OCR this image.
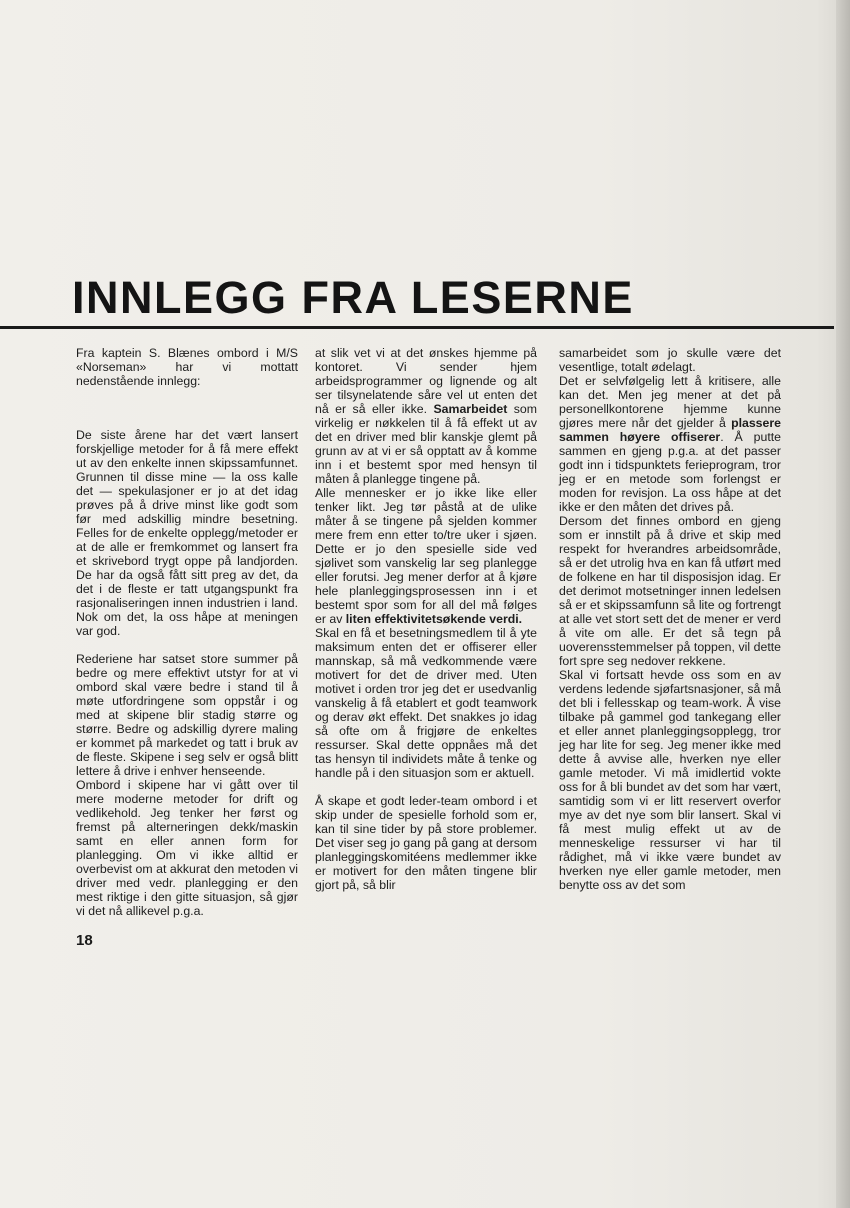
INNLEGG FRA LESERNE

Fra kaptein S. Blænes ombord i M/S «Norseman» har vi mottatt nedenstående innlegg:

De siste årene har det vært lansert forskjellige metoder for å få mere effekt ut av den enkelte innen skipssamfunnet. Grunnen til disse mine — la oss kalle det — spekulasjoner er jo at det idag prøves på å drive minst like godt som før med adskillig mindre besetning. Felles for de enkelte opplegg/metoder er at de alle er fremkommet og lansert fra et skrivebord trygt oppe på landjorden. De har da også fått sitt preg av det, da det i de fleste er tatt utgangspunkt fra rasjonaliseringen innen industrien i land. Nok om det, la oss håpe at meningen var god.

Rederiene har satset store summer på bedre og mere effektivt utstyr for at vi ombord skal være bedre i stand til å møte utfordringene som oppstår i og med at skipene blir stadig større og større. Bedre og adskillig dyrere maling er kommet på markedet og tatt i bruk av de fleste. Skipene i seg selv er også blitt lettere å drive i enhver henseende.

Ombord i skipene har vi gått over til mere moderne metoder for drift og vedlikehold. Jeg tenker her først og fremst på alterneringen dekk/maskin samt en eller annen form for planlegging. Om vi ikke alltid er overbevist om at akkurat den metoden vi driver med vedr. planlegging er den mest riktige i den gitte situasjon, så gjør vi det nå allikevel p.g.a.

at slik vet vi at det ønskes hjemme på kontoret. Vi sender hjem arbeidsprogrammer og lignende og alt ser tilsynelatende såre vel ut enten det nå er så eller ikke. Samarbeidet som virkelig er nøkkelen til å få effekt ut av det en driver med blir kanskje glemt på grunn av at vi er så opptatt av å komme inn i et bestemt spor med hensyn til måten å planlegge tingene på.

Alle mennesker er jo ikke like eller tenker likt. Jeg tør påstå at de ulike måter å se tingene på sjelden kommer mere frem enn etter to/tre uker i sjøen. Dette er jo den spesielle side ved sjølivet som vanskelig lar seg planlegge eller forutsi. Jeg mener derfor at å kjøre hele planleggingsprosessen inn i et bestemt spor som for all del må følges er av liten effektivitetsøkende verdi.

Skal en få et besetningsmedlem til å yte maksimum enten det er offiserer eller mannskap, så må vedkommende være motivert for det de driver med. Uten motivet i orden tror jeg det er usedvanlig vanskelig å få etablert et godt teamwork og derav økt effekt. Det snakkes jo idag så ofte om å frigjøre de enkeltes ressurser. Skal dette oppnåes må det tas hensyn til individets måte å tenke og handle på i den situasjon som er aktuell.

Å skape et godt leder-team ombord i et skip under de spesielle forhold som er, kan til sine tider by på store problemer. Det viser seg jo gang på gang at dersom planleggingskomitéens medlemmer ikke er motivert for den måten tingene blir gjort på, så blir

samarbeidet som jo skulle være det vesentlige, totalt ødelagt.

Det er selvfølgelig lett å kritisere, alle kan det. Men jeg mener at det på personellkontorene hjemme kunne gjøres mere når det gjelder å plassere sammen høyere offiserer. Å putte sammen en gjeng p.g.a. at det passer godt inn i tidspunktets ferieprogram, tror jeg er en metode som forlengst er moden for revisjon. La oss håpe at det ikke er den måten det drives på.

Dersom det finnes ombord en gjeng som er innstilt på å drive et skip med respekt for hverandres arbeidsområde, så er det utrolig hva en kan få utført med de folkene en har til disposisjon idag. Er det derimot motsetninger innen ledelsen så er et skipssamfunn så lite og fortrengt at alle vet stort sett det de mener er verd å vite om alle. Er det så tegn på uoverensstemmelser på toppen, vil dette fort spre seg nedover rekkene.

Skal vi fortsatt hevde oss som en av verdens ledende sjøfartsnasjoner, så må det bli i fellesskap og team-work. Å vise tilbake på gammel god tankegang eller et eller annet planleggingsopplegg, tror jeg har lite for seg. Jeg mener ikke med dette å avvise alle, hverken nye eller gamle metoder. Vi må imidlertid vokte oss for å bli bundet av det som har vært, samtidig som vi er litt reservert overfor mye av det nye som blir lansert. Skal vi få mest mulig effekt ut av de menneskelige ressurser vi har til rådighet, må vi ikke være bundet av hverken nye eller gamle metoder, men benytte oss av det som

18
